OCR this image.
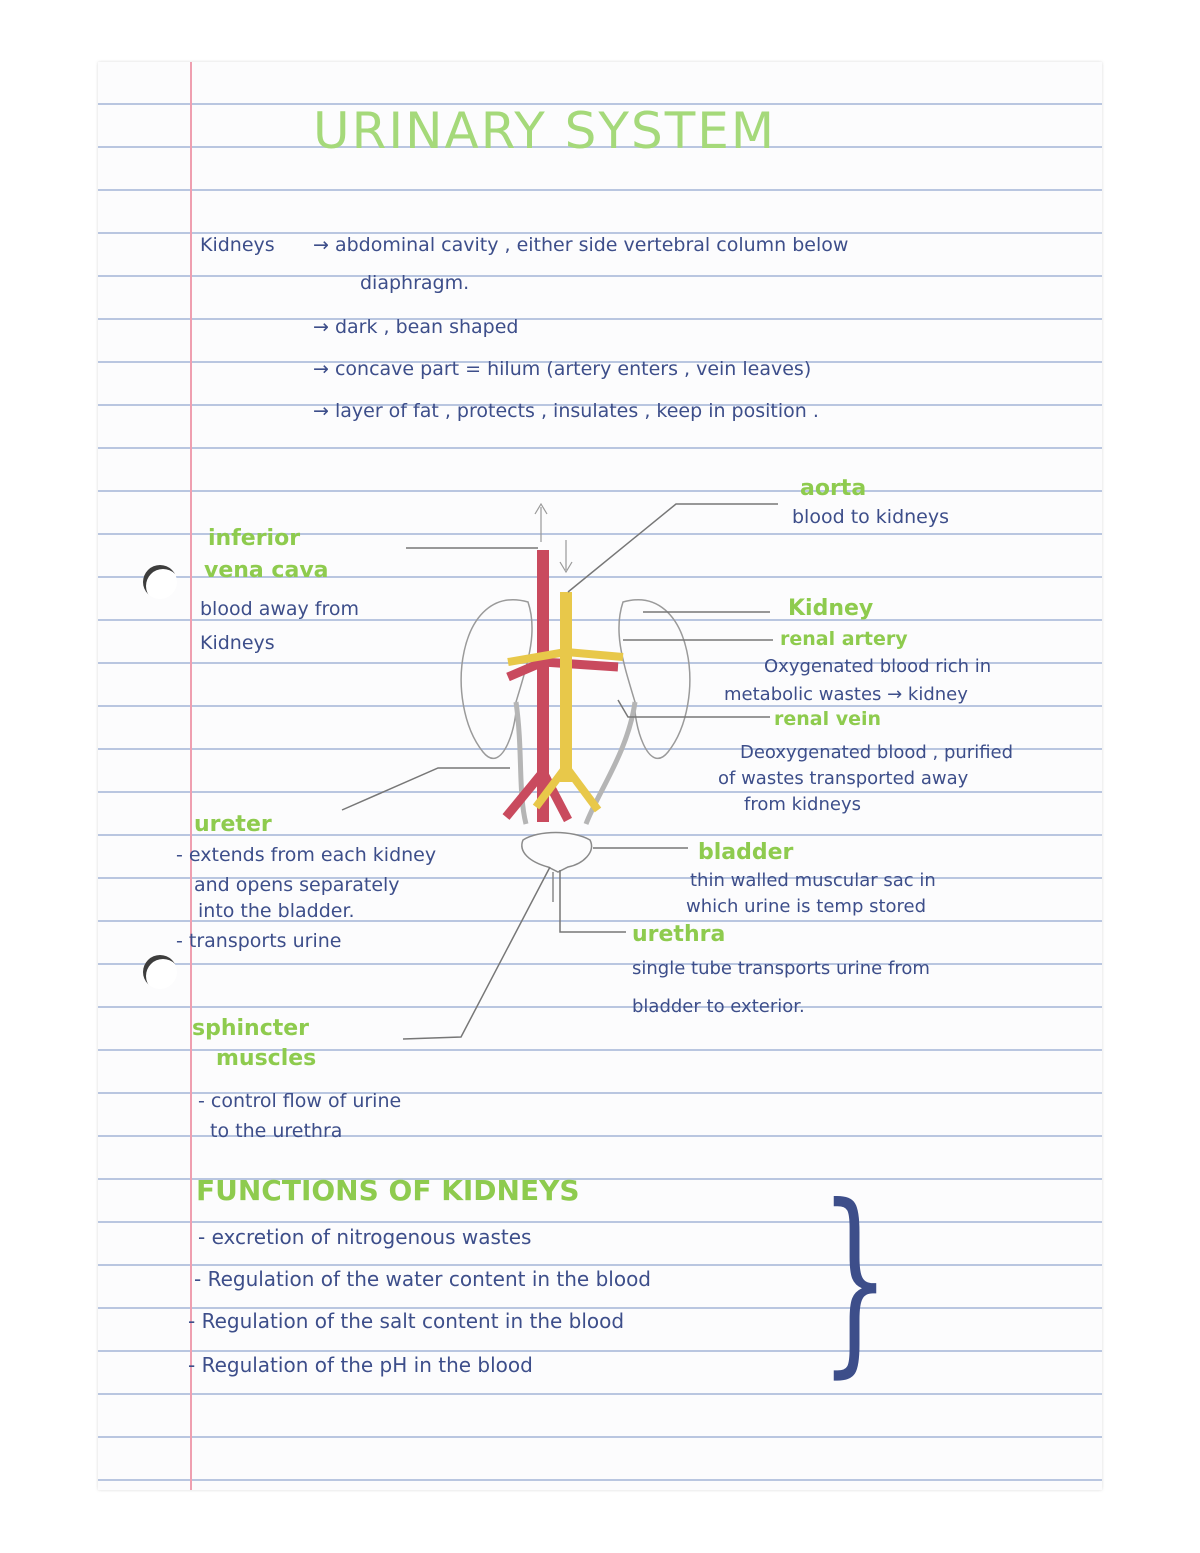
URINARY SYSTEM
Kidneys → abdominal cavity , either side vertebral column below
diaphragm.
→ dark , bean shaped
→ concave part = hilum (artery enters , vein leaves)
→ layer of fat , protects , insulates , keep in position .
inferior
vena cava
blood away from
Kidneys
ureter
- extends from each kidney
and opens separately
into the bladder.
- transports urine
sphincter
muscles
- control flow of urine
to the urethra
aorta
blood to kidneys
Kidney
renal artery
Oxygenated blood rich in
metabolic wastes → kidney
renal vein
Deoxygenated blood , purified
of wastes transported away
from kidneys
bladder
thin walled muscular sac in
which urine is temp stored
urethra
single tube transports urine from
bladder to exterior.
FUNCTIONS OF KIDNEYS
- excretion of nitrogenous wastes
- Regulation of the water content in the blood
- Regulation of the salt content in the blood
- Regulation of the pH in the blood }
